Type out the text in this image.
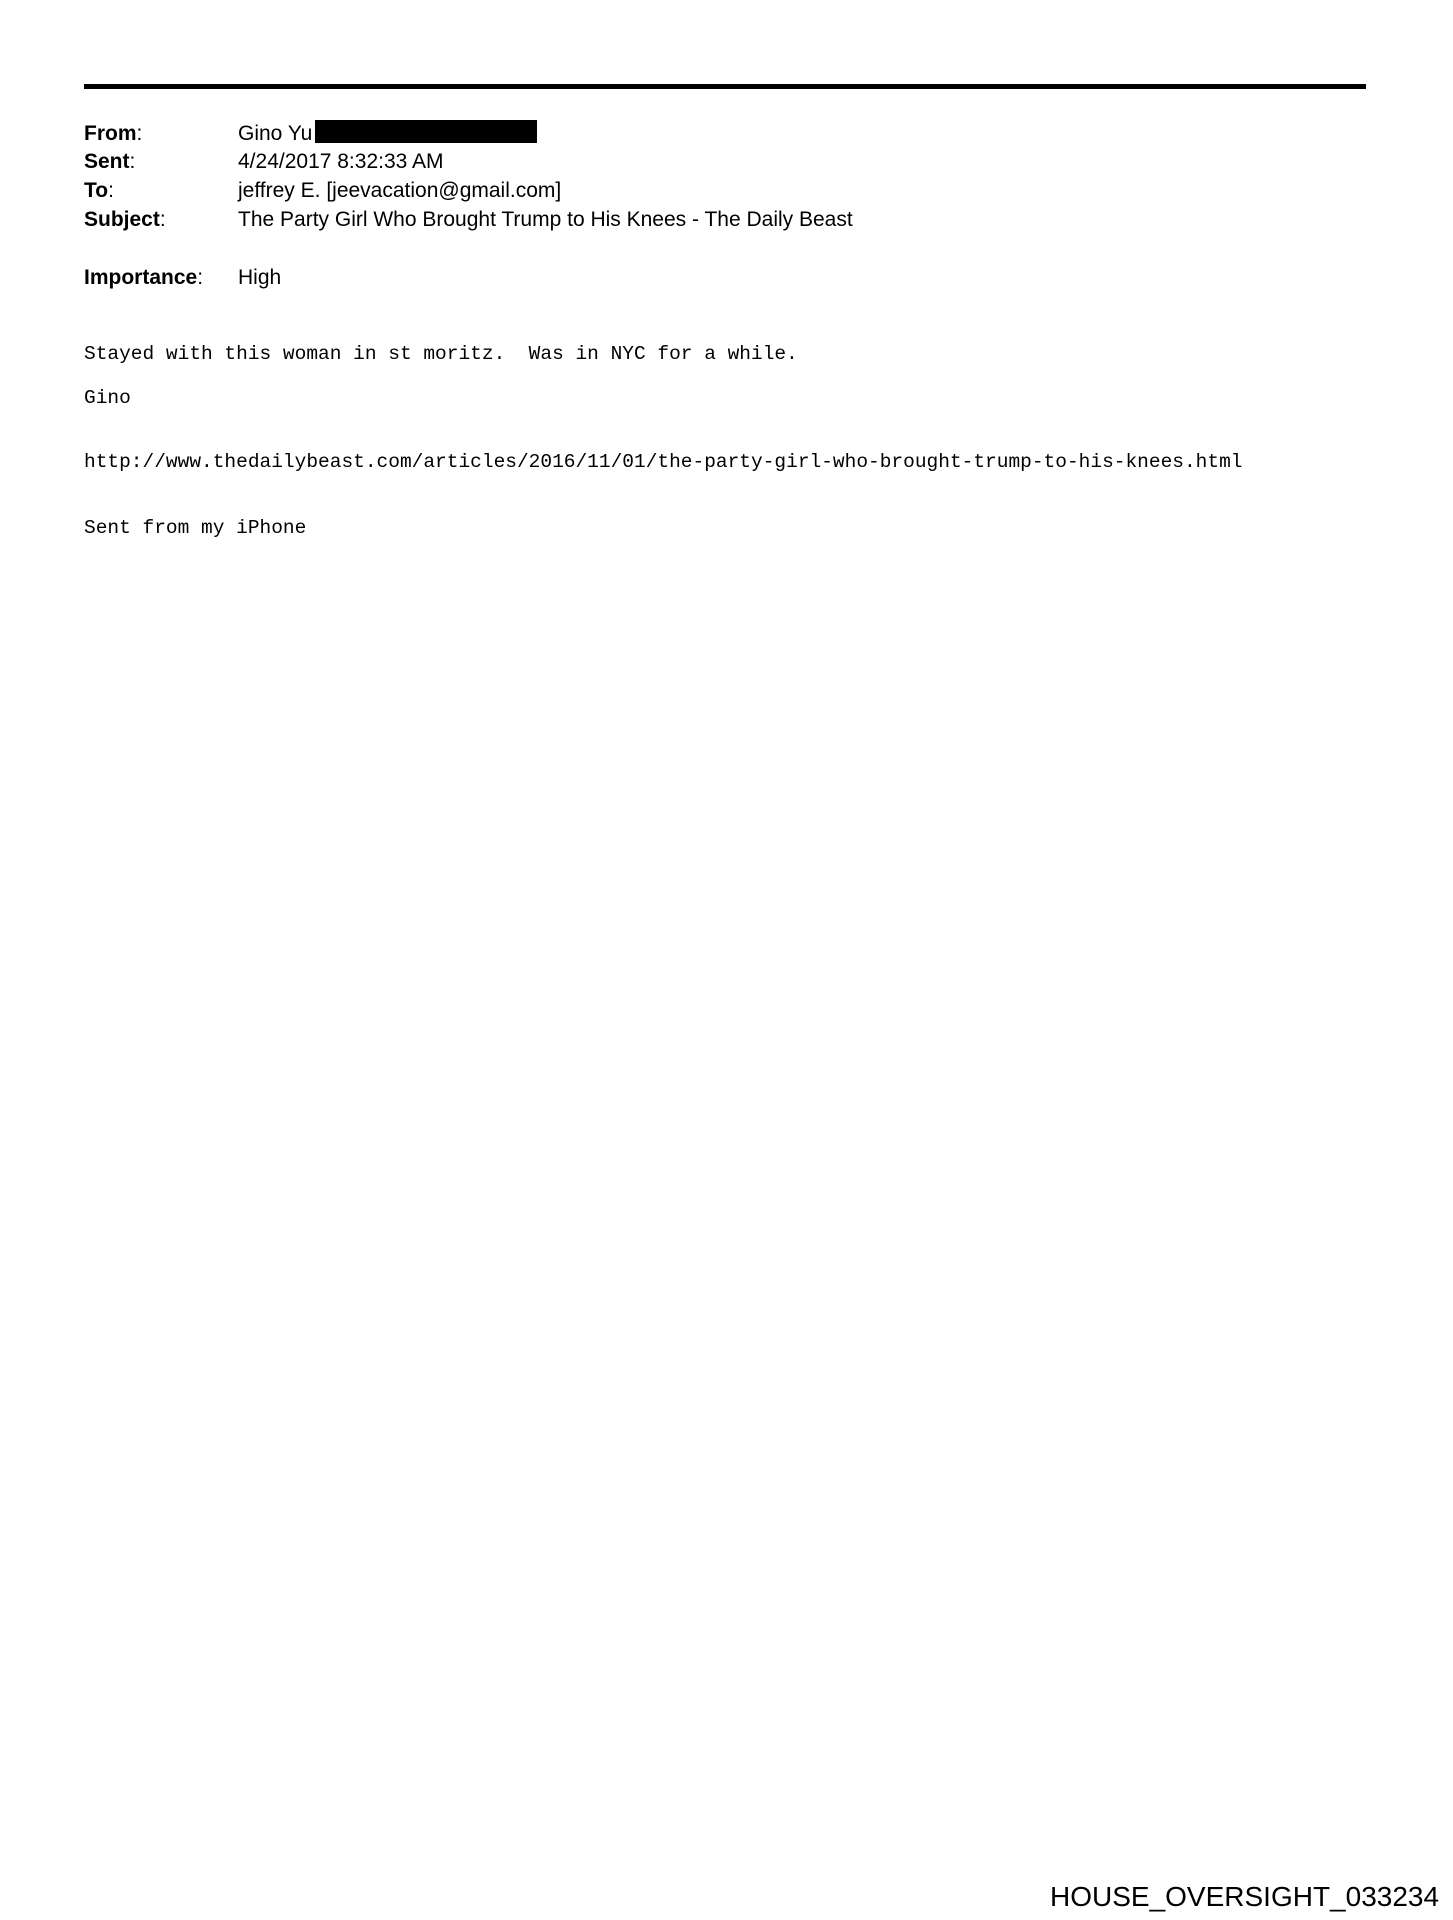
From:	Gino Yu
Sent:	4/24/2017 8:32:33 AM
To:	jeffrey E. [jeevacation@gmail.com]
Subject:	The Party Girl Who Brought Trump to His Knees - The Daily Beast
Importance: High
Stayed with this woman in st moritz.  Was in NYC for a while.
Gino
http://www.thedailybeast.com/articles/2016/11/01/the-party-girl-who-brought-trump-to-his-knees.html
Sent from my iPhone
HOUSE_OVERSIGHT_033234
